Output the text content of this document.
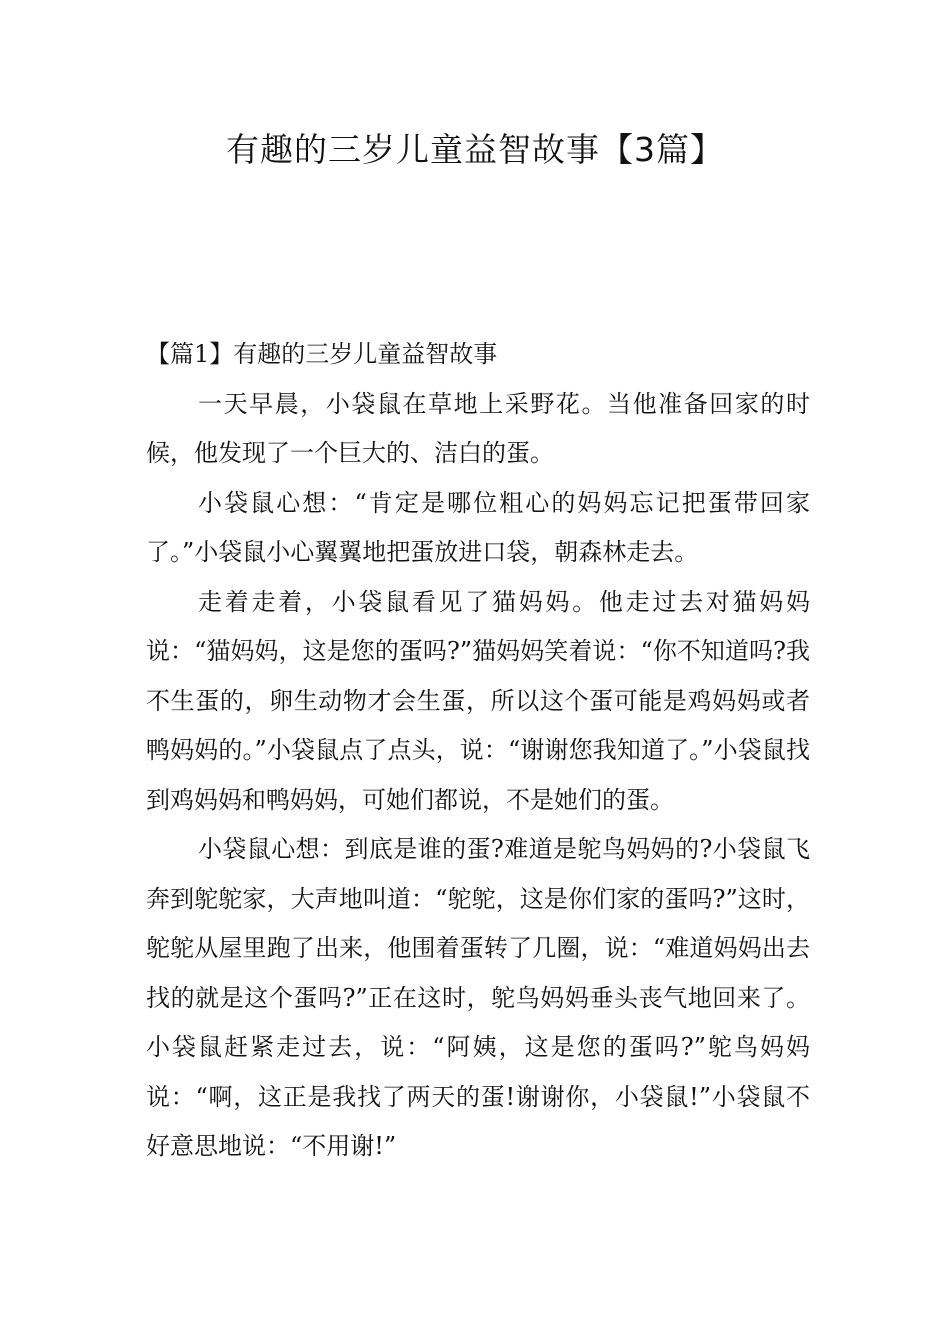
有趣的三岁儿童益智故事【3篇】
【篇1】有趣的三岁儿童益智故事

一天早晨，小袋鼠在草地上采野花。当他准备回家的时候，他发现了一个巨大的、洁白的蛋。

小袋鼠心想：“肯定是哪位粗心的妈妈忘记把蛋带回家了。”小袋鼠小心翼翼地把蛋放进口袋，朝森林走去。

走着走着，小袋鼠看见了猫妈妈。他走过去对猫妈妈说：“猫妈妈，这是您的蛋吗?”猫妈妈笑着说：“你不知道吗?我不生蛋的，卵生动物才会生蛋，所以这个蛋可能是鸡妈妈或者鸭妈妈的。”小袋鼠点了点头，说：“谢谢您我知道了。”小袋鼠找到鸡妈妈和鸭妈妈，可她们都说，不是她们的蛋。

小袋鼠心想：到底是谁的蛋?难道是鸵鸟妈妈的?小袋鼠飞奔到鸵鸵家，大声地叫道：“鸵鸵，这是你们家的蛋吗?”这时，鸵鸵从屋里跑了出来，他围着蛋转了几圈，说：“难道妈妈出去找的就是这个蛋吗?”正在这时，鸵鸟妈妈垂头丧气地回来了。小袋鼠赶紧走过去，说：“阿姨，这是您的蛋吗?”鸵鸟妈妈说：“啊，这正是我找了两天的蛋!谢谢你，小袋鼠!”小袋鼠不好意思地说：“不用谢!”
